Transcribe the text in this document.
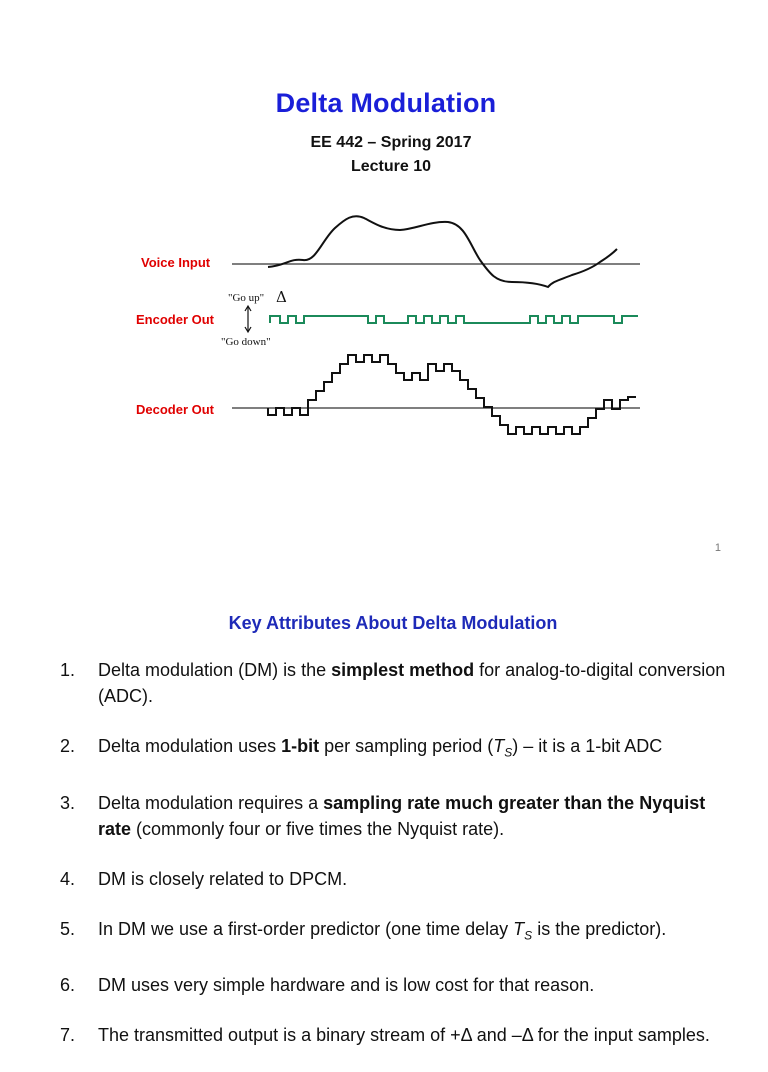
Delta Modulation
EE 442 – Spring 2017
Lecture 10
Voice Input
Encoder Out
Decoder Out
"Go up"
"Go down"
Δ
1
Key Attributes About Delta Modulation
1.	Delta modulation (DM) is the simplest method for analog-to-digital conversion (ADC).
2.	Delta modulation uses 1-bit per sampling period $(T_S)$ – it is a 1-bit ADC
3.	Delta modulation requires a sampling rate much greater than the Nyquist rate (commonly four or five times the Nyquist rate).
4.	DM is closely related to DPCM.
5.	In DM we use a first-order predictor (one time delay $T_S$ is the predictor).
6.	DM uses very simple hardware and is low cost for that reason.
7.	The transmitted output is a binary stream of +Δ and –Δ for the input samples.
